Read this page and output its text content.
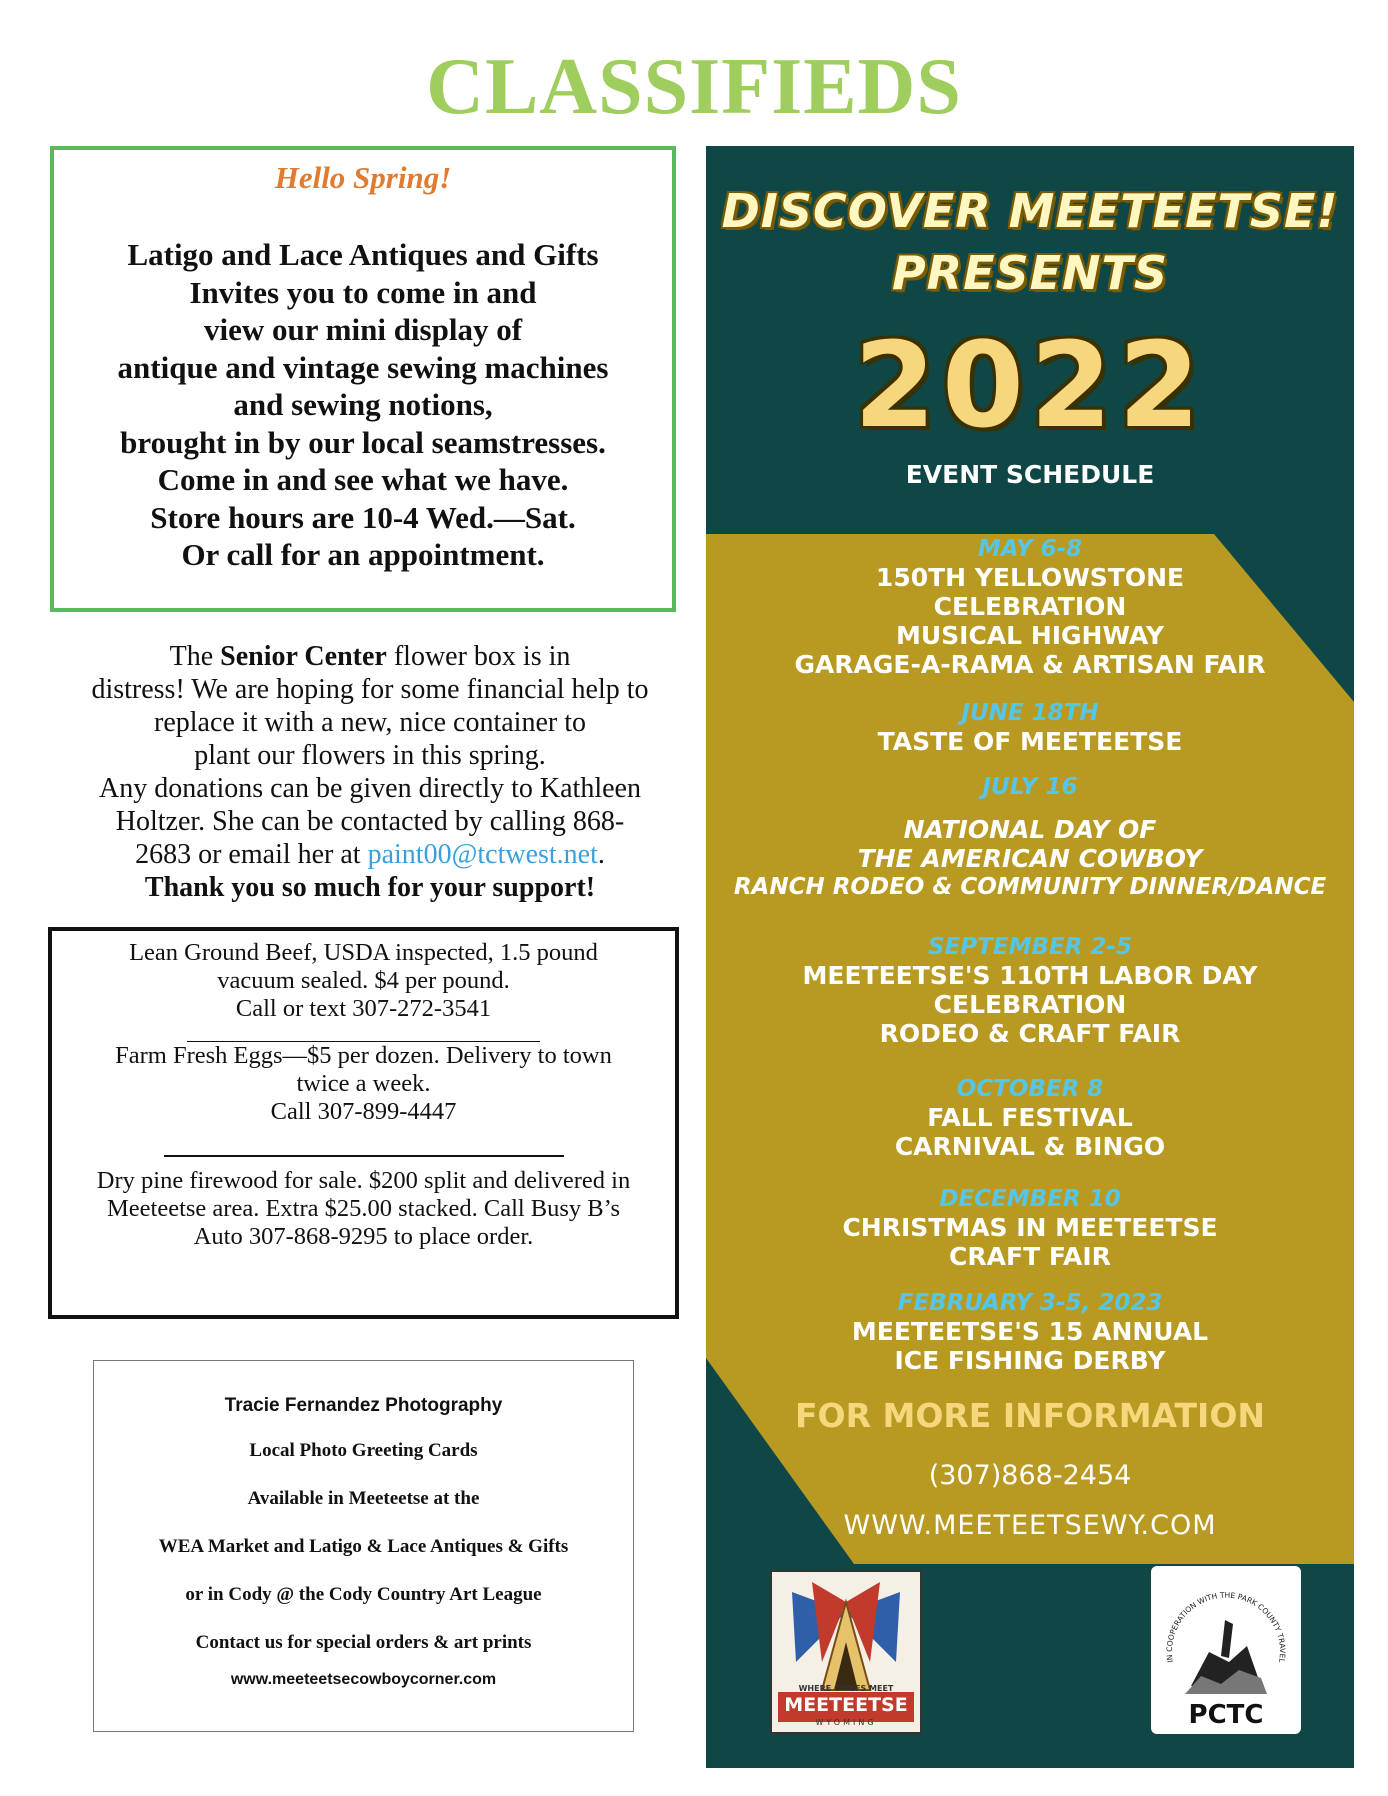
CLASSIFIEDS
Hello Spring!
Latigo and Lace Antiques and Gifts
Invites you to come in and
view our mini display of
antique and vintage sewing machines
and sewing notions,
brought in by our local seamstresses.
Come in and see what we have.
Store hours are 10-4 Wed.—Sat.
Or call for an appointment.
The Senior Center flower box is in
distress! We are hoping for some financial help to
replace it with a new, nice container to
plant our flowers in this spring.
Any donations can be given directly to Kathleen
Holtzer. She can be contacted by calling 868-
2683 or email her at paint00@tctwest.net.
Thank you so much for your support!
Lean Ground Beef, USDA inspected, 1.5 pound
vacuum sealed. $4 per pound.
Call or text 307-272-3541
Farm Fresh Eggs—$5 per dozen. Delivery to town
twice a week.
Call 307-899-4447
Dry pine firewood for sale. $200 split and delivered in
Meeteetse area. Extra $25.00 stacked. Call Busy B’s
Auto 307-868-9295 to place order.
Tracie Fernandez Photography
Local Photo Greeting Cards
Available in Meeteetse at the
WEA Market and Latigo & Lace Antiques & Gifts
or in Cody @ the Cody Country Art League
Contact us for special orders & art prints
www.meeteetsecowboycorner.com
DISCOVER MEETEETSE!
PRESENTS
2022
EVENT SCHEDULE
MAY 6-8
150TH YELLOWSTONE
CELEBRATION
MUSICAL HIGHWAY
GARAGE-A-RAMA & ARTISAN FAIR
JUNE 18TH
TASTE OF MEETEETSE
JULY 16
NATIONAL DAY OF
THE AMERICAN COWBOY
RANCH RODEO & COMMUNITY DINNER/DANCE
SEPTEMBER 2-5
MEETEETSE'S 110TH LABOR DAY
CELEBRATION
RODEO & CRAFT FAIR
OCTOBER 8
FALL FESTIVAL
CARNIVAL & BINGO
DECEMBER 10
CHRISTMAS IN MEETEETSE
CRAFT FAIR
FEBRUARY 3-5, 2023
MEETEETSE'S 15 ANNUAL
ICE FISHING DERBY
FOR MORE INFORMATION
(307)868-2454
WWW.MEETEETSEWY.COM
WHERE CHIEFS MEET
MEETEETSE
WYOMING
IN COOPERATION WITH THE PARK COUNTY TRAVEL
PCTC
